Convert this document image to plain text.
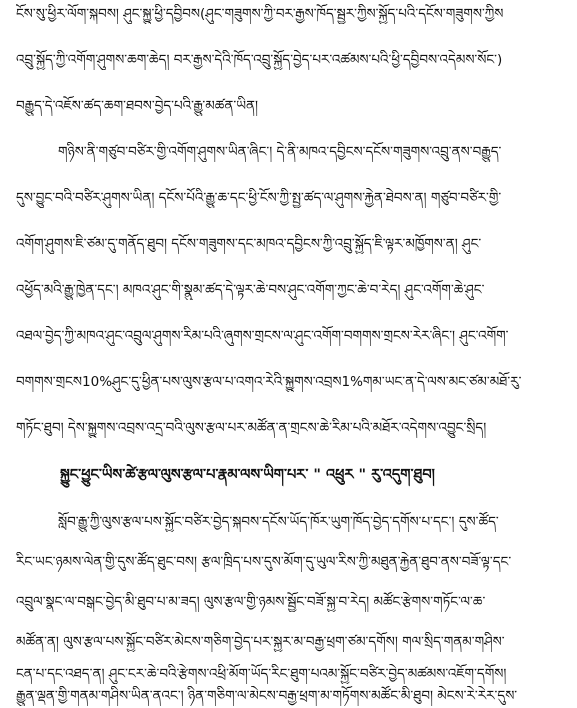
ངོས་སུ་ཕྱིར་ལོག་སྐབས། ཤུང་སྐྱུ་ཕྱི་དབྱིབས(ཤུང་གཟུགས་ཀྱི་བར་རྒྱས་ཁོད་སྦྱར་ཀྱིས་སྐྱོད་པའི་དངོས་གཟུགས་ཀྱིས
འབྲུ་སྐྱོད་ཀྱི་འགོག་ཤུགས་ཆག་ཆེད། བར་རྒྱས་དེའི་ཁོད་འབྲུ་སྐྱོད་བྱེད་པར་འཚམས་པའི་ཕྱི་དབྱིབས་འདེམས་སོང་)
བརྒྱུད་དེ་འཇོས་ཚད་ཆག་ཐབས་བྱེད་པའི་རྒྱུ་མཚན་ཡིན།
གཉིས་ནི་གཙུབ་བཙིར་གྱི་འགོག་ཤུགས་ཡིན་ཞིང་། དེ་ནི་མཁའ་དབྱིངས་དངོས་གཟུགས་འབྲུ་ནས་བརྒྱུད་
དུས་བྱུང་བའི་བཙིར་ཤུགས་ཡིན། དངོས་པོའི་རྒྱུ་ཆ་དང་ཕྱི་ངོས་ཀྱི་སྤྱ་ཚད་ལ་ཤུགས་རྐྱེན་ཐེབས་ན། གཙུབ་བཙིར་གྱི་
འགོག་ཤུགས་ཇི་ཙམ་དུ་གནོད་ཐུབ། དངོས་གཟུགས་དང་མཁའ་དབྱིངས་ཀྱི་འབྲུ་སྐྱོད་ཇི་ལྟར་མཁྱོགས་ན། ཤུང་
འཕྱོད་མའི་རྒྱུ་ཁྱེན་དང་། མཁའ་ཤུང་གི་སྣུམ་ཚད་དེ་ལྟར་ཆེ་བས་ཤུང་འགོག་ཀྱང་ཆེ་བ་རེད། ཤུང་འགོག་ཆེ་ཤུང་
འཐལ་བྱེད་ཀྱི་མཁའ་ཤུང་འབྲུལ་ཤུགས་རིམ་པའི་ཞུགས་གྲངས་ལ་ཤུང་འགོག་བགགས་གྲངས་རེར་ཞིང་། ཤུང་འགོག་
བགགས་གྲངས10%ཤུང་དུ་ཕྱིན་པས་ལུས་རྩལ་པ་འགའ་རེའི་སྐྱུགས་འབྲས1%གམ་ཡང་ན་དེ་ལས་མང་ཙམ་མཐོ་རུ་
གཏོང་ཐུབ། དེས་སྐྱུགས་འབྲས་འདྲ་བའི་ལུས་རྩལ་པར་མཚོན་ན་གྲངས་ཆེ་རིམ་པའི་མཐོར་འདེགས་འབྱུང་སྲིད།
སྐྱུང་ཕྱུང་ཡིས་ཚེ་རྩལ་ལུས་རྩལ་པ་རྣམ་ལས་ཡིག་པར་ " འཕྲུར " རུ་འདུག་ཐུབ།
སློབ་རྒྱུ་ཀྱི་ལུས་རྩལ་པས་སྐྱོང་བཙིར་བྱེད་སྐབས་དངོས་ཡོད་ཁོར་ཡུག་ཁོད་བྱེད་དགོས་པ་དང་། དུས་ཚོད་
རིང་ཡང་ཉམས་ལེན་གྱི་དུས་ཚོད་ཐུང་བས། རྩལ་ཁྲིད་པས་དུས་མོག་དུ་ཡུལ་རིས་ཀྱི་མཐུན་རྐྱེན་ཐུབ་ནས་བཟོ་ལྟ་དང་
འབྲུལ་སྣང་ལ་བསྒང་བྱེད་མི་ཐུབ་པ་མ་ཟད། ལུས་རྩལ་གྱི་ཉམས་སྦྱོང་བཟོ་སྐྱ་བ་རེད། མཚོང་རྩེགས་གཏོང་ལ་ཆ་
མཚོན་ན། ལུས་རྩལ་པས་སྐྱོང་བཙིར་མེངས་གཅིག་བྱེད་པར་སྐྱར་མ་བརྒྱ་ཕྲག་ཙམ་དགོས། གལ་སྲིད་གནམ་གཤིས་
ངན་པ་དང་འཐད་ན། ཤུང་ངར་ཆེ་བའི་རྩེགས་འཕྲི་མོག་ཡོད་རིང་ཐུག་པའམ་སྐྱོང་བཙིར་བྱེད་མཚམས་འཇོག་དགོས།
རྒྱུན་ལྡན་གྱི་གནམ་གཤིས་ཡིན་ནའང་། ཉིན་གཅིག་ལ་མེངས་བརྒྱ་ཕྲག་མ་གཏོགས་མཚོང་མི་ཐུབ། མེངས་རེ་རེར་དུས་
